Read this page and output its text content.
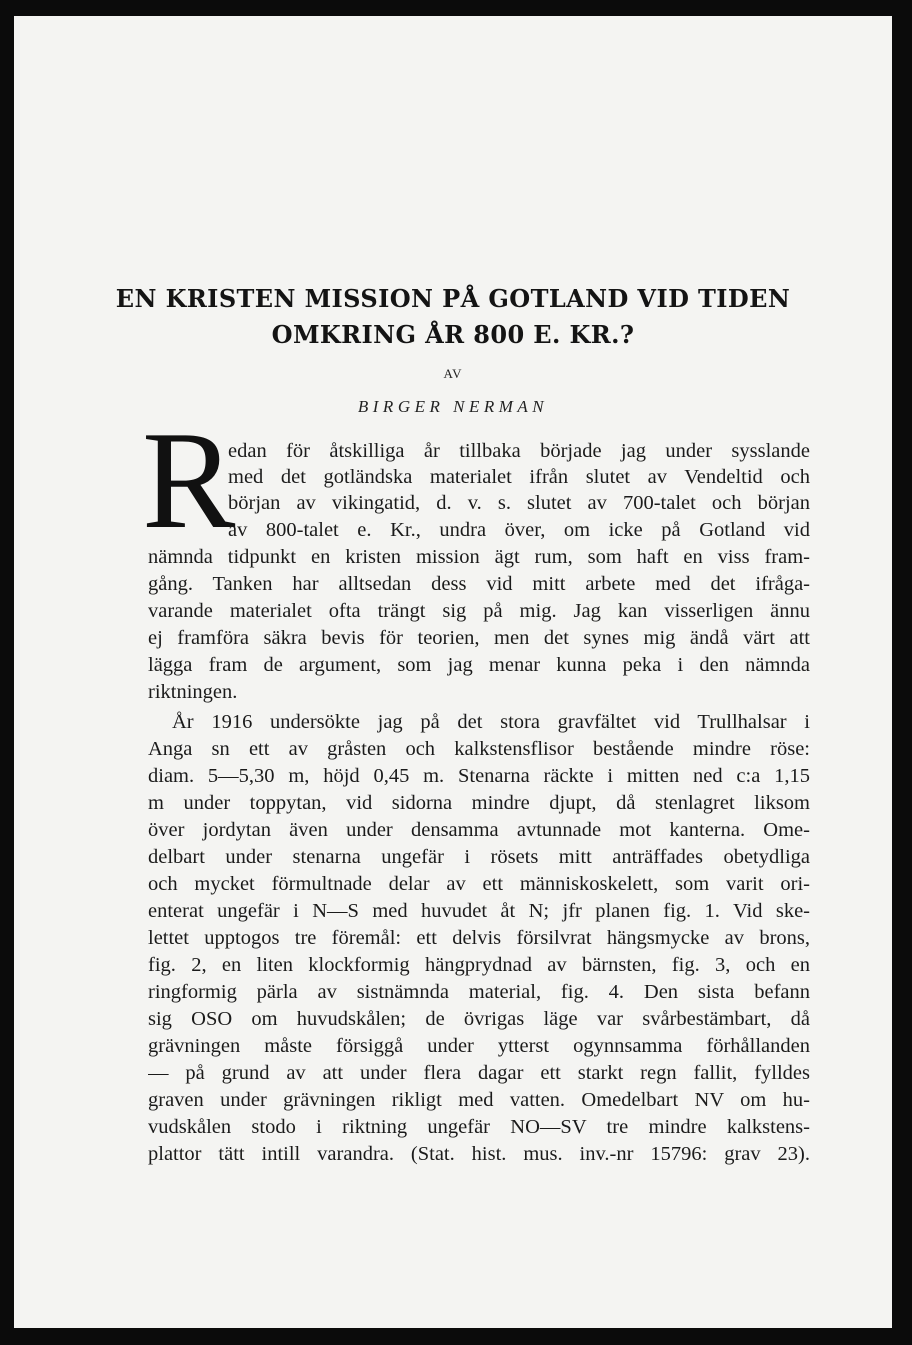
EN KRISTEN MISSION PÅ GOTLAND VID TIDEN
OMKRING ÅR 800 E. KR.?
AV
BIRGER NERMAN
R
edan för åtskilliga år tillbaka började jag under sysslande
med det gotländska materialet ifrån slutet av Vendeltid och
början av vikingatid, d. v. s. slutet av 700-talet och början
av 800-talet e. Kr., undra över, om icke på Gotland vid
nämnda tidpunkt en kristen mission ägt rum, som haft en viss fram-
gång. Tanken har alltsedan dess vid mitt arbete med det ifråga-
varande materialet ofta trängt sig på mig. Jag kan visserligen ännu
ej framföra säkra bevis för teorien, men det synes mig ändå värt att
lägga fram de argument, som jag menar kunna peka i den nämnda
riktningen.
År 1916 undersökte jag på det stora gravfältet vid Trullhalsar i
Anga sn ett av gråsten och kalkstensflisor bestående mindre röse:
diam. 5—5,30 m, höjd 0,45 m. Stenarna räckte i mitten ned c:a 1,15
m under toppytan, vid sidorna mindre djupt, då stenlagret liksom
över jordytan även under densamma avtunnade mot kanterna. Ome-
delbart under stenarna ungefär i rösets mitt anträffades obetydliga
och mycket förmultnade delar av ett människoskelett, som varit ori-
enterat ungefär i N—S med huvudet åt N; jfr planen fig. 1. Vid ske-
lettet upptogos tre föremål: ett delvis försilvrat hängsmycke av brons,
fig. 2, en liten klockformig hängprydnad av bärnsten, fig. 3, och en
ringformig pärla av sistnämnda material, fig. 4. Den sista befann
sig OSO om huvudskålen; de övrigas läge var svårbestämbart, då
grävningen måste försiggå under ytterst ogynnsamma förhållanden
— på grund av att under flera dagar ett starkt regn fallit, fylldes
graven under grävningen rikligt med vatten. Omedelbart NV om hu-
vudskålen stodo i riktning ungefär NO—SV tre mindre kalkstens-
plattor tätt intill varandra. (Stat. hist. mus. inv.-nr 15796: grav 23).
